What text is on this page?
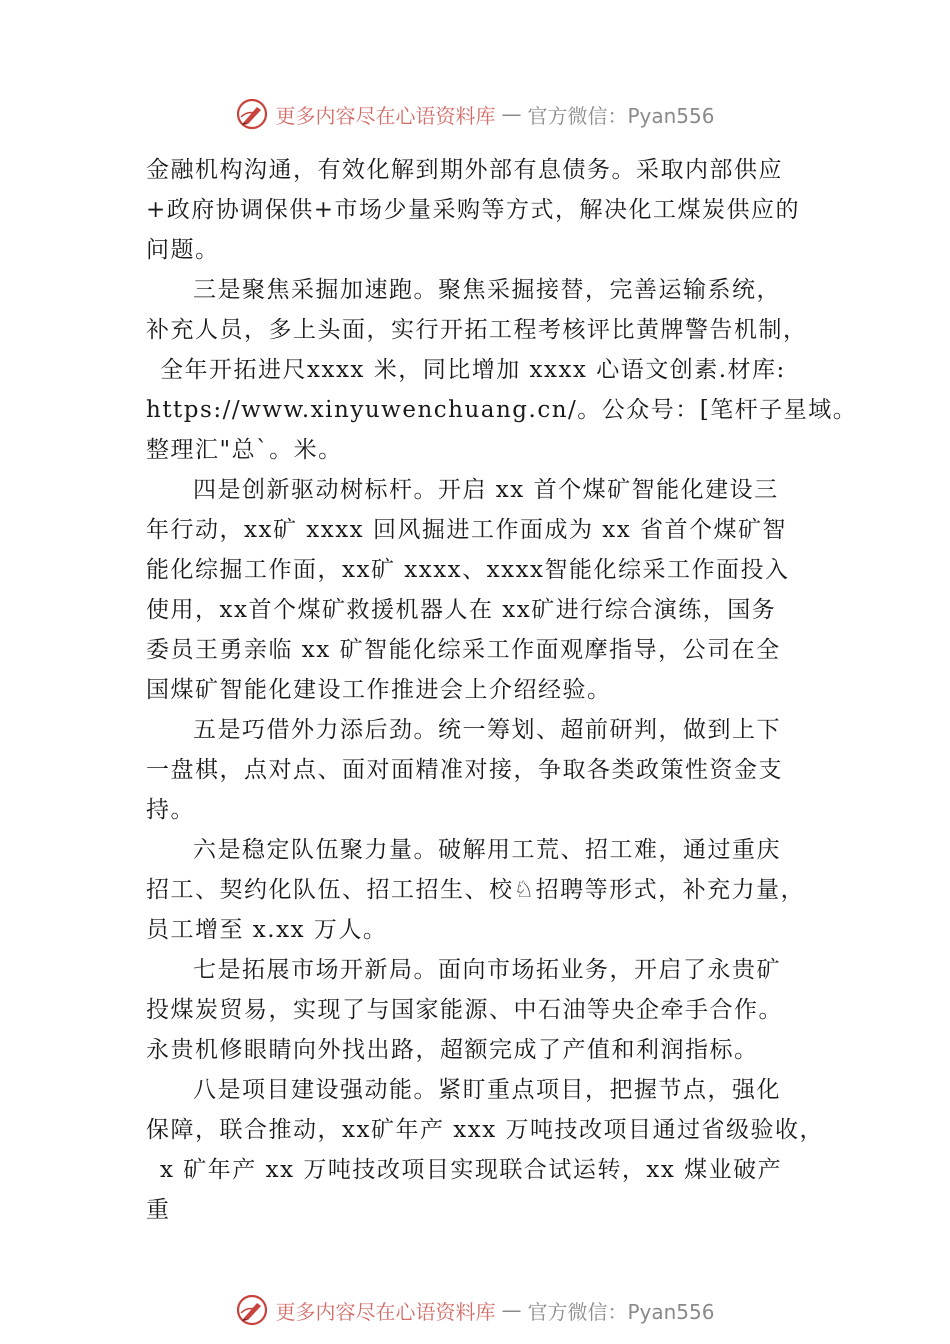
更多内容尽在心语资料库 — 官方微信：Pyan556
金融机构沟通，有效化解到期外部有息债务。采取内部供应
+政府协调保供+市场少量采购等方式，解决化工煤炭供应的
问题。
三是聚焦采掘加速跑。聚焦采掘接替，完善运输系统，
补充人员，多上头面，实行开拓工程考核评比黄牌警告机制，
全年开拓进尺xxxx 米，同比增加 xxxx 心语文创素.材库:
https://www.xinyuwenchuang.cn/。公众号：[笔杆子星域。
整理汇"总`。米。
四是创新驱动树标杆。开启 xx 首个煤矿智能化建设三
年行动，xx矿 xxxx 回风掘进工作面成为 xx 省首个煤矿智
能化综掘工作面，xx矿 xxxx、xxxx智能化综采工作面投入
使用，xx首个煤矿救援机器人在 xx矿进行综合演练，国务
委员王勇亲临 xx 矿智能化综采工作面观摩指导，公司在全
国煤矿智能化建设工作推进会上介绍经验。
五是巧借外力添后劲。统一筹划、超前研判，做到上下
一盘棋，点对点、面对面精准对接，争取各类政策性资金支
持。
六是稳定队伍聚力量。破解用工荒、招工难，通过重庆
招工、契约化队伍、招工招生、校♘招聘等形式，补充力量，
员工增至 x.xx 万人。
七是拓展市场开新局。面向市场拓业务，开启了永贵矿
投煤炭贸易，实现了与国家能源、中石油等央企牵手合作。
永贵机修眼睛向外找出路，超额完成了产值和利润指标。
八是项目建设强动能。紧盯重点项目，把握节点，强化
保障，联合推动，xx矿年产 xxx 万吨技改项目通过省级验收，
x 矿年产 xx 万吨技改项目实现联合试运转，xx 煤业破产
重
更多内容尽在心语资料库 — 官方微信：Pyan556
